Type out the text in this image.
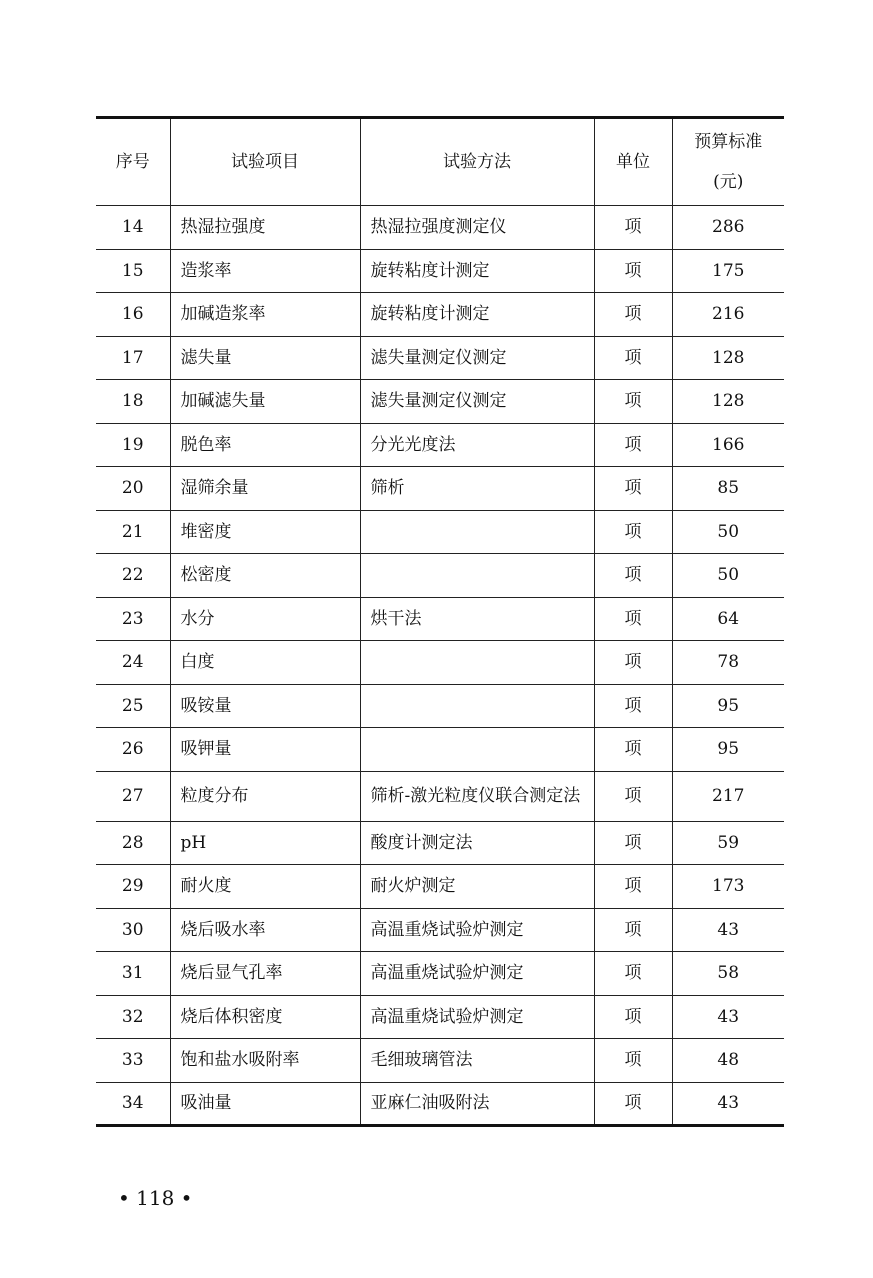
序号	试验项目	试验方法	单位	预算标准
(元)

14	热湿拉强度	热湿拉强度测定仪	项	286
15	造浆率	旋转粘度计测定	项	175
16	加碱造浆率	旋转粘度计测定	项	216
17	滤失量	滤失量测定仪测定	项	128
18	加碱滤失量	滤失量测定仪测定	项	128
19	脱色率	分光光度法	项	166
20	湿筛余量	筛析	项	85
21	堆密度		项	50
22	松密度		项	50
23	水分	烘干法	项	64
24	白度		项	78
25	吸铵量		项	95
26	吸钾量		项	95
27	粒度分布	筛析-激光粒度仪联合测定法	项	217
28	pH	酸度计测定法	项	59
29	耐火度	耐火炉测定	项	173
30	烧后吸水率	高温重烧试验炉测定	项	43
31	烧后显气孔率	高温重烧试验炉测定	项	58
32	烧后体积密度	高温重烧试验炉测定	项	43
33	饱和盐水吸附率	毛细玻璃管法	项	48
34	吸油量	亚麻仁油吸附法	项	43
• 118 •
